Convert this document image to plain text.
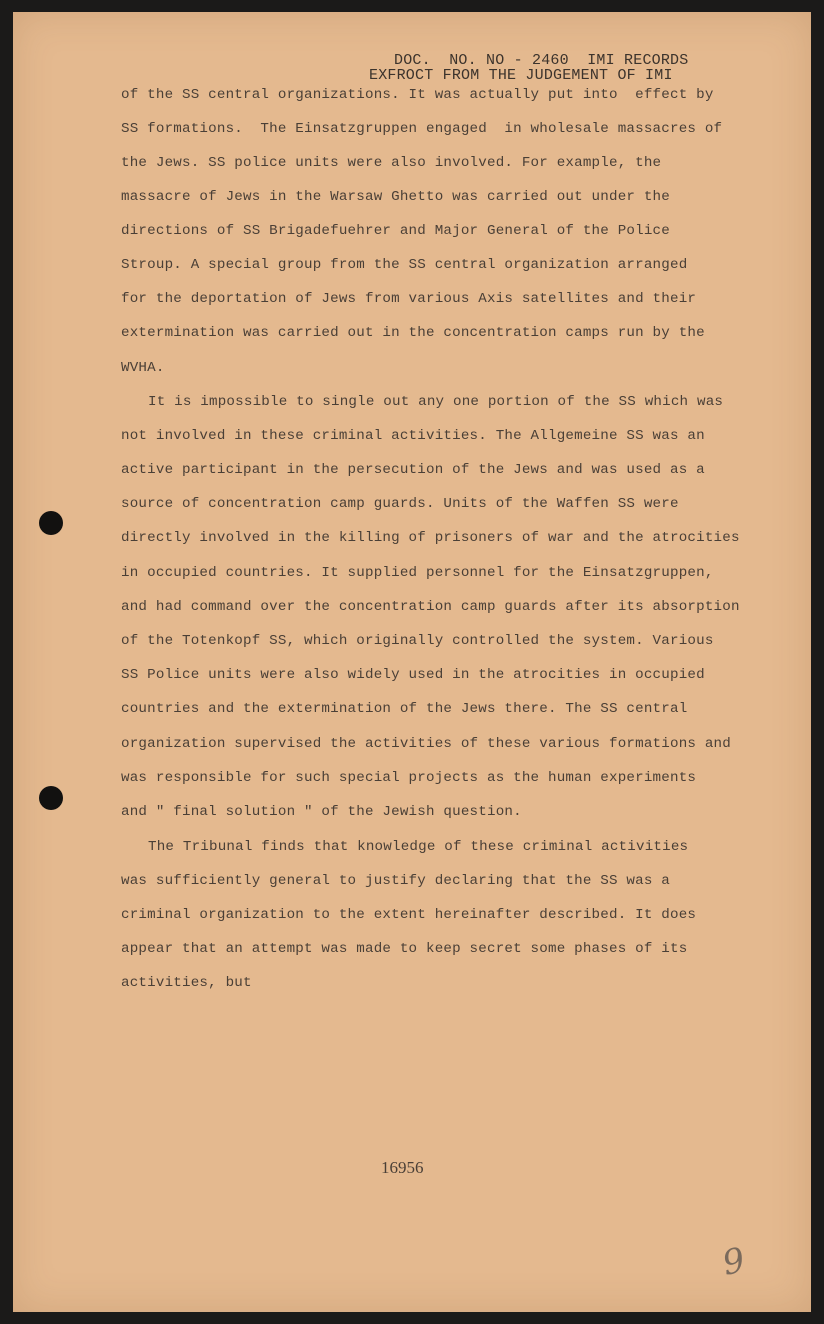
DOC.  NO. NO - 2460  IMI RECORDS
EXFROCT FROM THE JUDGEMENT OF IMI
of the SS central organizations. It was actually put into  effect by
SS formations.  The Einsatzgruppen engaged  in wholesale massacres of
the Jews. SS police units were also involved. For example, the
massacre of Jews in the Warsaw Ghetto was carried out under the
directions of SS Brigadefuehrer and Major General of the Police
Stroup. A special group from the SS central organization arranged
for the deportation of Jews from various Axis satellites and their
extermination was carried out in the concentration camps run by the
WVHA.
It is impossible to single out any one portion of the SS which was
not involved in these criminal activities. The Allgemeine SS was an
active participant in the persecution of the Jews and was used as a
source of concentration camp guards. Units of the Waffen SS were
directly involved in the killing of prisoners of war and the atrocities
in occupied countries. It supplied personnel for the Einsatzgruppen,
and had command over the concentration camp guards after its absorption
of the Totenkopf SS, which originally controlled the system. Various
SS Police units were also widely used in the atrocities in occupied
countries and the extermination of the Jews there. The SS central
organization supervised the activities of these various formations and
was responsible for such special projects as the human experiments
and " final solution " of the Jewish question.
The Tribunal finds that knowledge of these criminal activities
was sufficiently general to justify declaring that the SS was a
criminal organization to the extent hereinafter described. It does
appear that an attempt was made to keep secret some phases of its
activities, but
16956
9
